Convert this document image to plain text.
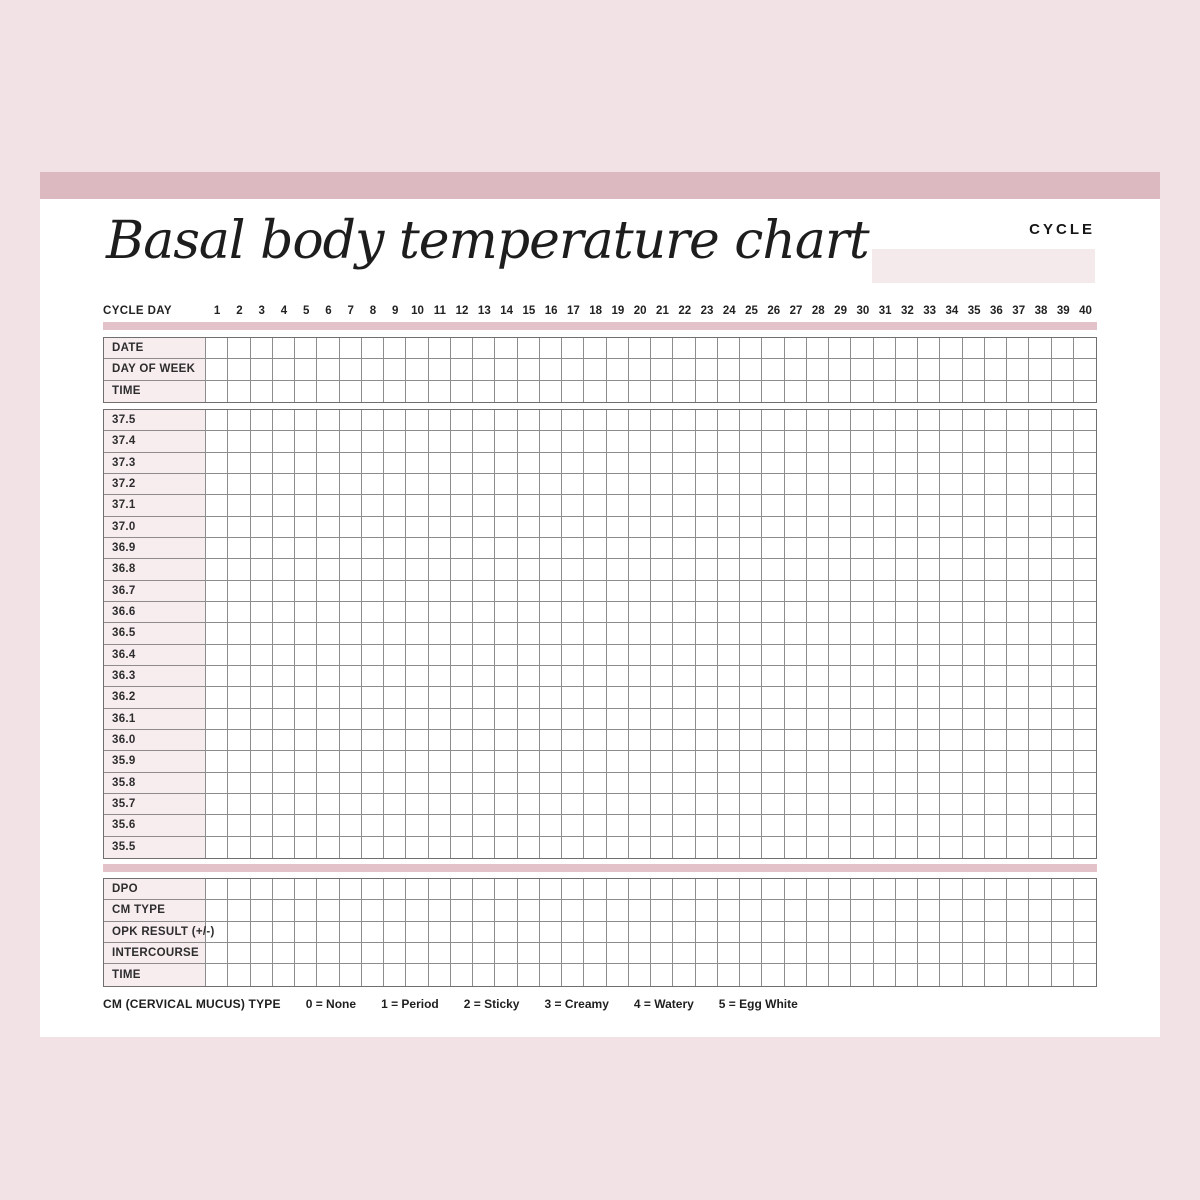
Basal body temperature chart	CYCLE
CYCLE DAY	1	2	3	4	5	6	7	8	9	10 11 12 13 14 15 16 17 18 19 20 21 22 23 24 25 26 27 28 29 30 31 32 33 34 35 36 37 38 39 40
DATE
DAY OF WEEK
TIME
37.5
37.4
37.3
37.2
37.1
37.0
36.9
36.8
36.7
36.6
36.5
36.4
36.3
36.2
36.1
36.0
35.9
35.8
35.7
35.6
35.5
DPO
CM TYPE
OPK RESULT (+/-)
INTERCOURSE
TIME
CM (CERVICAL MUCUS) TYPE 0 = None 1 = Period 2 = Sticky 3 = Creamy 4 = Watery 5 = Egg White
